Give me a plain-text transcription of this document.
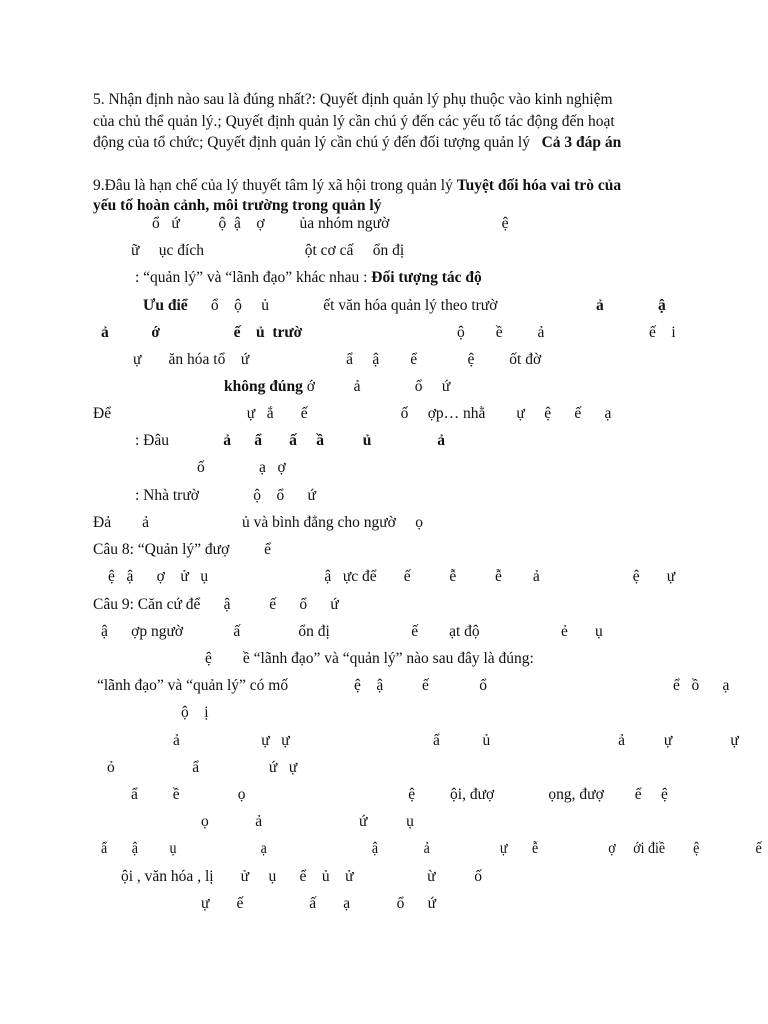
5. Nhận định nào sau là đúng nhất?: Quyết định quản lý phụ thuộc vào kinh nghiệm
của chủ thể quản lý.; Quyết định quản lý cần chú ý đến các yếu tố tác động đến hoạt
động của tổ chức; Quyết định quản lý cần chú ý đến đối tượng quản lý Cả 3 đáp án
9.Đâu là hạn chế của lý thuyết tâm lý xã hội trong quản lý Tuyệt đối hóa vai trò của
yếu tố hoàn cảnh, môi trường trong quản lý
ổ   ứ          ộ  ậ    ợ         ủa nhóm ngườ                             ệ
ữ     ục đích                          ột cơ cấ     ổn đị
: “quản lý” và “lãnh đạo” khác nhau : Đối tượng tác độ
Ưu điể      ổ    ộ     ủ              ết văn hóa quản lý theo trườ	ả              ậ
ả           ớ                   ế    ủ trườ	ộ        ề         ả                           ế    i
ự       ăn hóa tổ    ứ                         ẩ     ậ        ể             ệ         ốt đờ
không đúng ớ          ả              ổ     ứ
Để                                   ự   ắ       ế                        ố     ợp… nhằ        ự     ệ      ế      ạ
: Đâu	ả      ẩ       ấ     ầ          ủ                 ả
ố              ạ   ợ
: Nhà trườ              ộ    ổ      ứ
Đả        ả                        ủ và bình đẳng cho ngườ     ọ
Câu 8: “Quản lý” đượ         ể
ệ   ậ      ợ    ử   ụ                              ậ   ực để       ế          ễ          ễ        ả                        ệ       ự
Câu 9: Căn cứ để      ậ          ế      ổ      ứ
ậ      ợp ngườ             ấ               ổn đị                     ế        ạt độ                     ẻ       ụ
ệ        ề “lãnh đạo” và “quản lý” nào sau đây là đúng:
“lãnh đạo” và “quản lý” có mố                 ệ    ậ          ế             ổ                                                ể   ồ      ạ
ộ    ị
ả                     ự   ự                                     ẩ           ủ                                 ả          ự               ự
ỏ                    ẩ                  ứ   ự
ẩ         ề               ọ                                          ệ         ội, đượ              ọng, đượ        ể     ệ
ọ            ả                         ứ          ụ
ẩ       ậ         ụ                        ạ                              ậ             ả                    ự       ễ                    ợ     ới điề        ệ                ế
ội , văn hóa , lị       ử     ụ      ể    ủ    ử                   ừ          ố
ự       ế                 ấ       ạ            ổ      ứ
